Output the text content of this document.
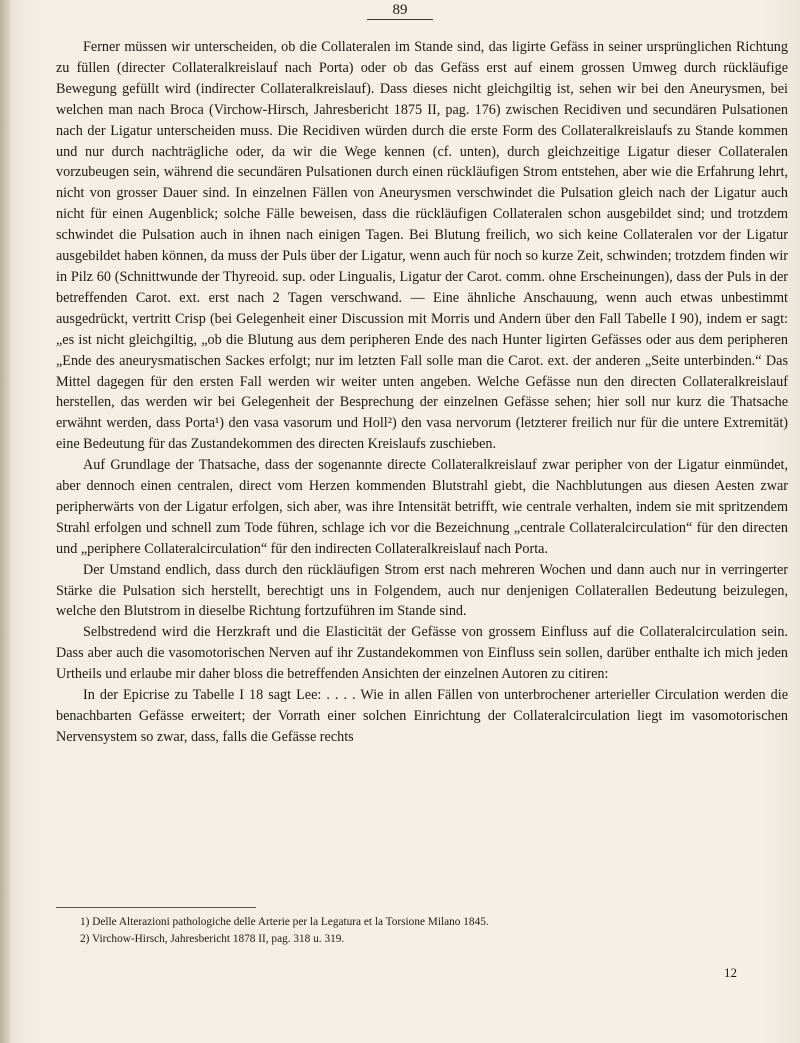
89

Ferner müssen wir unterscheiden, ob die Collateralen im Stande sind, das ligirte Gefäss in seiner ursprünglichen Richtung zu füllen (directer Collateralkreislauf nach Porta) oder ob das Gefäss erst auf einem grossen Umweg durch rückläufige Bewegung gefüllt wird (indirecter Collateralkreislauf). Dass dieses nicht gleichgiltig ist, sehen wir bei den Aneurysmen, bei welchen man nach Broca (Virchow-Hirsch, Jahresbericht 1875 II, pag. 176) zwischen Recidiven und secundären Pulsationen nach der Ligatur unterscheiden muss. Die Recidiven würden durch die erste Form des Collateralkreislaufs zu Stande kommen und nur durch nachträgliche oder, da wir die Wege kennen (cf. unten), durch gleichzeitige Ligatur dieser Collateralen vorzubeugen sein, während die secundären Pulsationen durch einen rückläufigen Strom entstehen, aber wie die Erfahrung lehrt, nicht von grosser Dauer sind. In einzelnen Fällen von Aneurysmen verschwindet die Pulsation gleich nach der Ligatur auch nicht für einen Augenblick; solche Fälle beweisen, dass die rückläufigen Collateralen schon ausgebildet sind; und trotzdem schwindet die Pulsation auch in ihnen nach einigen Tagen. Bei Blutung freilich, wo sich keine Collateralen vor der Ligatur ausgebildet haben können, da muss der Puls über der Ligatur, wenn auch für noch so kurze Zeit, schwinden; trotzdem finden wir in Pilz 60 (Schnittwunde der Thyreoid. sup. oder Lingualis, Ligatur der Carot. comm. ohne Erscheinungen), dass der Puls in der betreffenden Carot. ext. erst nach 2 Tagen verschwand. — Eine ähnliche Anschauung, wenn auch etwas unbestimmt ausgedrückt, vertritt Crisp (bei Gelegenheit einer Discussion mit Morris und Andern über den Fall Tabelle I 90), indem er sagt: „es ist nicht gleichgiltig, „ob die Blutung aus dem peripheren Ende des nach Hunter ligirten Gefässes oder aus dem peripheren „Ende des aneurysmatischen Sackes erfolgt; nur im letzten Fall solle man die Carot. ext. der anderen „Seite unterbinden.“ Das Mittel dagegen für den ersten Fall werden wir weiter unten angeben. Welche Gefässe nun den directen Collateralkreislauf herstellen, das werden wir bei Gelegenheit der Besprechung der einzelnen Gefässe sehen; hier soll nur kurz die Thatsache erwähnt werden, dass Porta¹) den vasa vasorum und Holl²) den vasa nervorum (letzterer freilich nur für die untere Extremität) eine Bedeutung für das Zustandekommen des directen Kreislaufs zuschieben.

Auf Grundlage der Thatsache, dass der sogenannte directe Collateralkreislauf zwar peripher von der Ligatur einmündet, aber dennoch einen centralen, direct vom Herzen kommenden Blutstrahl giebt, die Nachblutungen aus diesen Aesten zwar peripherwärts von der Ligatur erfolgen, sich aber, was ihre Intensität betrifft, wie centrale verhalten, indem sie mit spritzendem Strahl erfolgen und schnell zum Tode führen, schlage ich vor die Bezeichnung „centrale Collateralcirculation“ für den directen und „periphere Collateralcirculation“ für den indirecten Collateralkreislauf nach Porta.

Der Umstand endlich, dass durch den rückläufigen Strom erst nach mehreren Wochen und dann auch nur in verringerter Stärke die Pulsation sich herstellt, berechtigt uns in Folgendem, auch nur denjenigen Collaterallen Bedeutung beizulegen, welche den Blutstrom in dieselbe Richtung fortzuführen im Stande sind.

Selbstredend wird die Herzkraft und die Elasticität der Gefässe von grossem Einfluss auf die Collateralcirculation sein. Dass aber auch die vasomotorischen Nerven auf ihr Zustandekommen von Einfluss sein sollen, darüber enthalte ich mich jeden Urtheils und erlaube mir daher bloss die betreffenden Ansichten der einzelnen Autoren zu citiren:

In der Epicrise zu Tabelle I 18 sagt Lee: . . . . Wie in allen Fällen von unterbrochener arterieller Circulation werden die benachbarten Gefässe erweitert; der Vorrath einer solchen Einrichtung der Collateralcirculation liegt im vasomotorischen Nervensystem so zwar, dass, falls die Gefässe rechts

1) Delle Alterazioni pathologiche delle Arterie per la Legatura et la Torsione Milano 1845.

2) Virchow-Hirsch, Jahresbericht 1878 II, pag. 318 u. 319.

12
